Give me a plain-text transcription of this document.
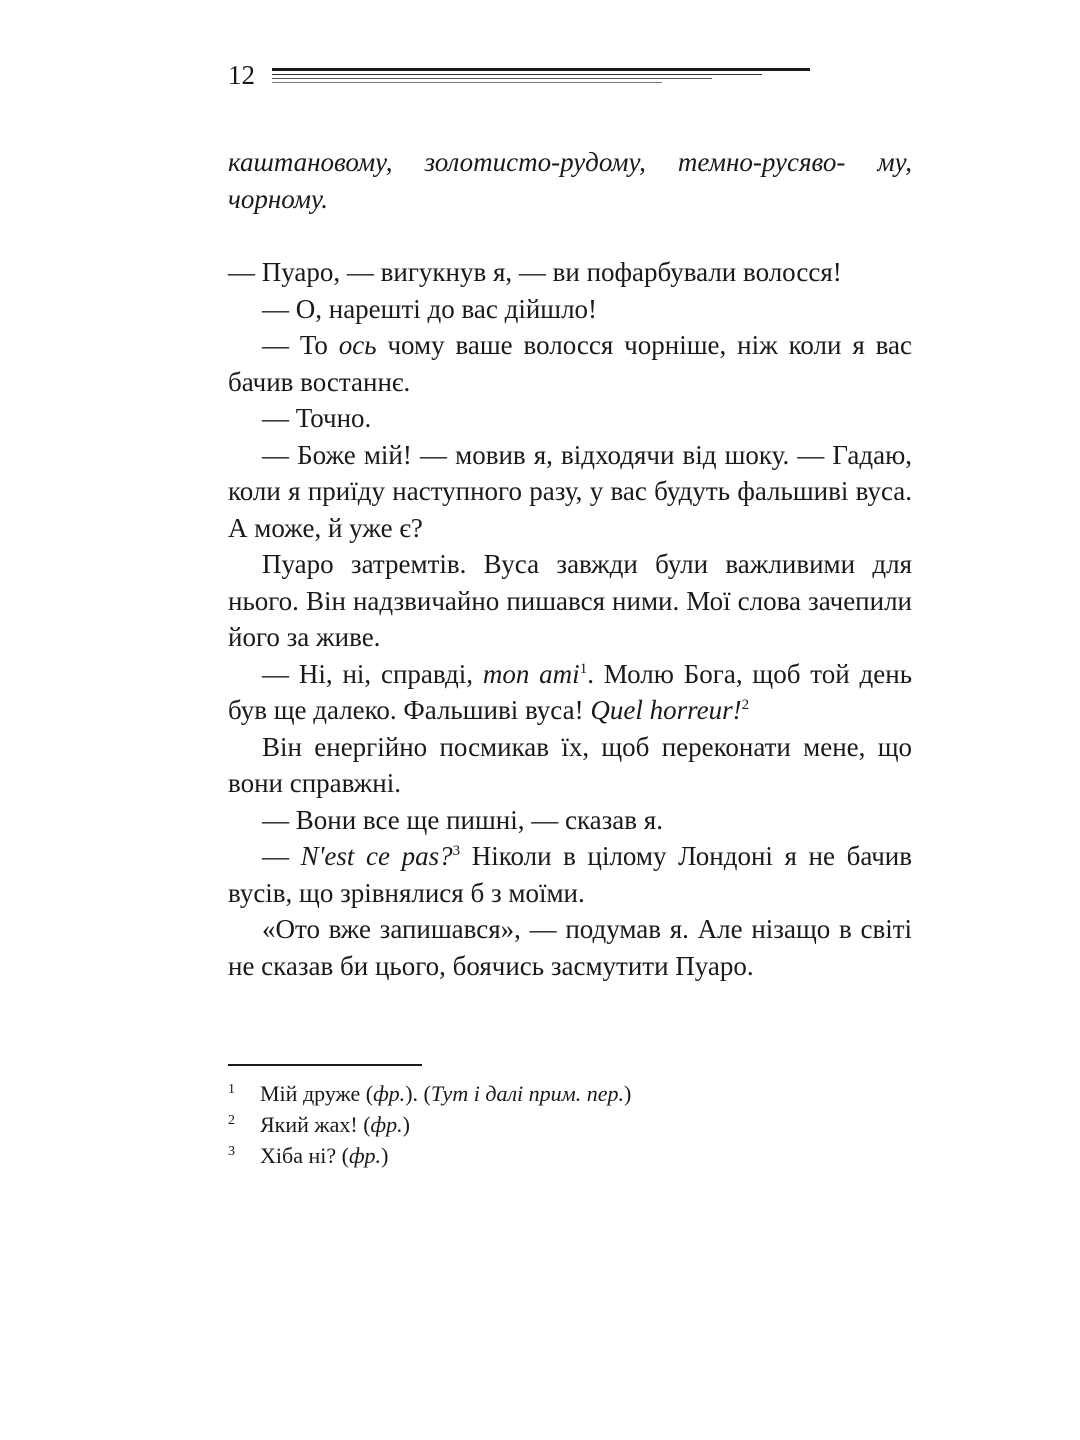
12

каштановому, золотисто-рудому, темно-русяво- му, чорному.

— Пуаро, — вигукнув я, — ви пофарбували волосся!

— О, нарешті до вас дійшло!

— То ось чому ваше волосся чорніше, ніж коли я вас бачив востаннє.

— Точно.

— Боже мій! — мовив я, відходячи від шоку. — Гадаю, коли я приїду наступного разу, у вас будуть фальшиві вуса. А може, й уже є?

Пуаро затремтів. Вуса завжди були важливими для нього. Він надзвичайно пишався ними. Мої слова зачепили його за живе.

— Ні, ні, справді, mon ami$^1$. Молю Бога, щоб той день був ще далеко. Фальшиві вуса! Quel horreur!$^2$

Він енергійно посмикав їх, щоб переконати мене, що вони справжні.

— Вони все ще пишні, — сказав я.

— N'est ce pas?$^3$ Ніколи в цілому Лондоні я не бачив вусів, що зрівнялися б з моїми.

«Ото вже запишався», — подумав я. Але нізащо в світі не сказав би цього, боячись засмутити Пуаро.

1 Мій друже (фр.). (Тут і далі прим. пер.)

2 Який жах! (фр.)

3 Хіба ні? (фр.)
